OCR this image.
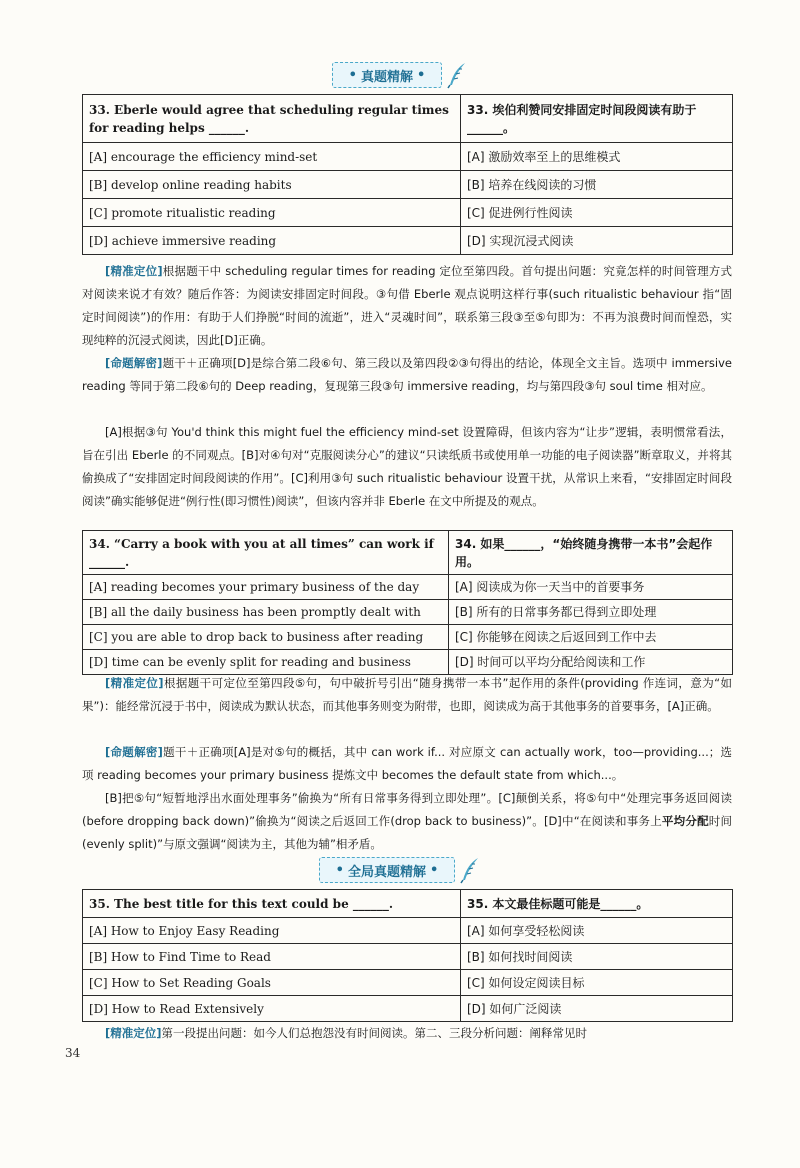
• 真题精解 •
33. Eberle would agree that scheduling regular times for reading helps ______.	33. 埃伯利赞同安排固定时间段阅读有助于______。
[A] encourage the efficiency mind-set	[A] 激励效率至上的思维模式
[B] develop online reading habits	[B] 培养在线阅读的习惯
[C] promote ritualistic reading	[C] 促进例行性阅读
[D] achieve immersive reading	[D] 实现沉浸式阅读
[精准定位]根据题干中 scheduling regular times for reading 定位至第四段。首句提出问题：究竟怎样的时间管理方式对阅读来说才有效？随后作答：为阅读安排固定时间段。③句借 Eberle 观点说明这样行事(such ritualistic behaviour 指“固定时间阅读”)的作用：有助于人们挣脱“时间的流逝”，进入“灵魂时间”，联系第三段③至⑤句即为：不再为浪费时间而惶恐，实现纯粹的沉浸式阅读，因此[D]正确。
[命题解密]题干＋正确项[D]是综合第二段⑥句、第三段以及第四段②③句得出的结论，体现全文主旨。选项中 immersive reading 等同于第二段⑥句的 Deep reading，复现第三段③句 immersive reading，均与第四段③句 soul time 相对应。
[A]根据③句 You'd think this might fuel the efficiency mind-set 设置障碍，但该内容为“让步”逻辑，表明惯常看法，旨在引出 Eberle 的不同观点。[B]对④句对“克服阅读分心”的建议“只读纸质书或使用单一功能的电子阅读器”断章取义，并将其偷换成了“安排固定时间段阅读的作用”。[C]利用③句 such ritualistic behaviour 设置干扰，从常识上来看，“安排固定时间段阅读”确实能够促进“例行性(即习惯性)阅读”，但该内容并非 Eberle 在文中所提及的观点。
34. “Carry a book with you at all times” can work if ______.	34. 如果______，“始终随身携带一本书”会起作用。
[A] reading becomes your primary business of the day	[A] 阅读成为你一天当中的首要事务
[B] all the daily business has been promptly dealt with	[B] 所有的日常事务都已得到立即处理
[C] you are able to drop back to business after reading	[C] 你能够在阅读之后返回到工作中去
[D] time can be evenly split for reading and business	[D] 时间可以平均分配给阅读和工作
[精准定位]根据题干可定位至第四段⑤句，句中破折号引出“随身携带一本书”起作用的条件(providing 作连词，意为“如果”)：能经常沉浸于书中，阅读成为默认状态，而其他事务则变为附带，也即，阅读成为高于其他事务的首要事务，[A]正确。
[命题解密]题干＋正确项[A]是对⑤句的概括，其中 can work if... 对应原文 can actually work，too—providing...；选项 reading becomes your primary business 提炼文中 becomes the default state from which...。
[B]把⑤句“短暂地浮出水面处理事务”偷换为“所有日常事务得到立即处理”。[C]颠倒关系，将⑤句中“处理完事务返回阅读(before dropping back down)”偷换为“阅读之后返回工作(drop back to business)”。[D]中“在阅读和事务上平均分配时间(evenly split)”与原文强调“阅读为主，其他为辅”相矛盾。
• 全局真题精解 •
35. The best title for this text could be ______.	35. 本文最佳标题可能是______。
[A] How to Enjoy Easy Reading	[A] 如何享受轻松阅读
[B] How to Find Time to Read	[B] 如何找时间阅读
[C] How to Set Reading Goals	[C] 如何设定阅读目标
[D] How to Read Extensively	[D] 如何广泛阅读
[精准定位]第一段提出问题：如今人们总抱怨没有时间阅读。第二、三段分析问题：阐释常见时
34
